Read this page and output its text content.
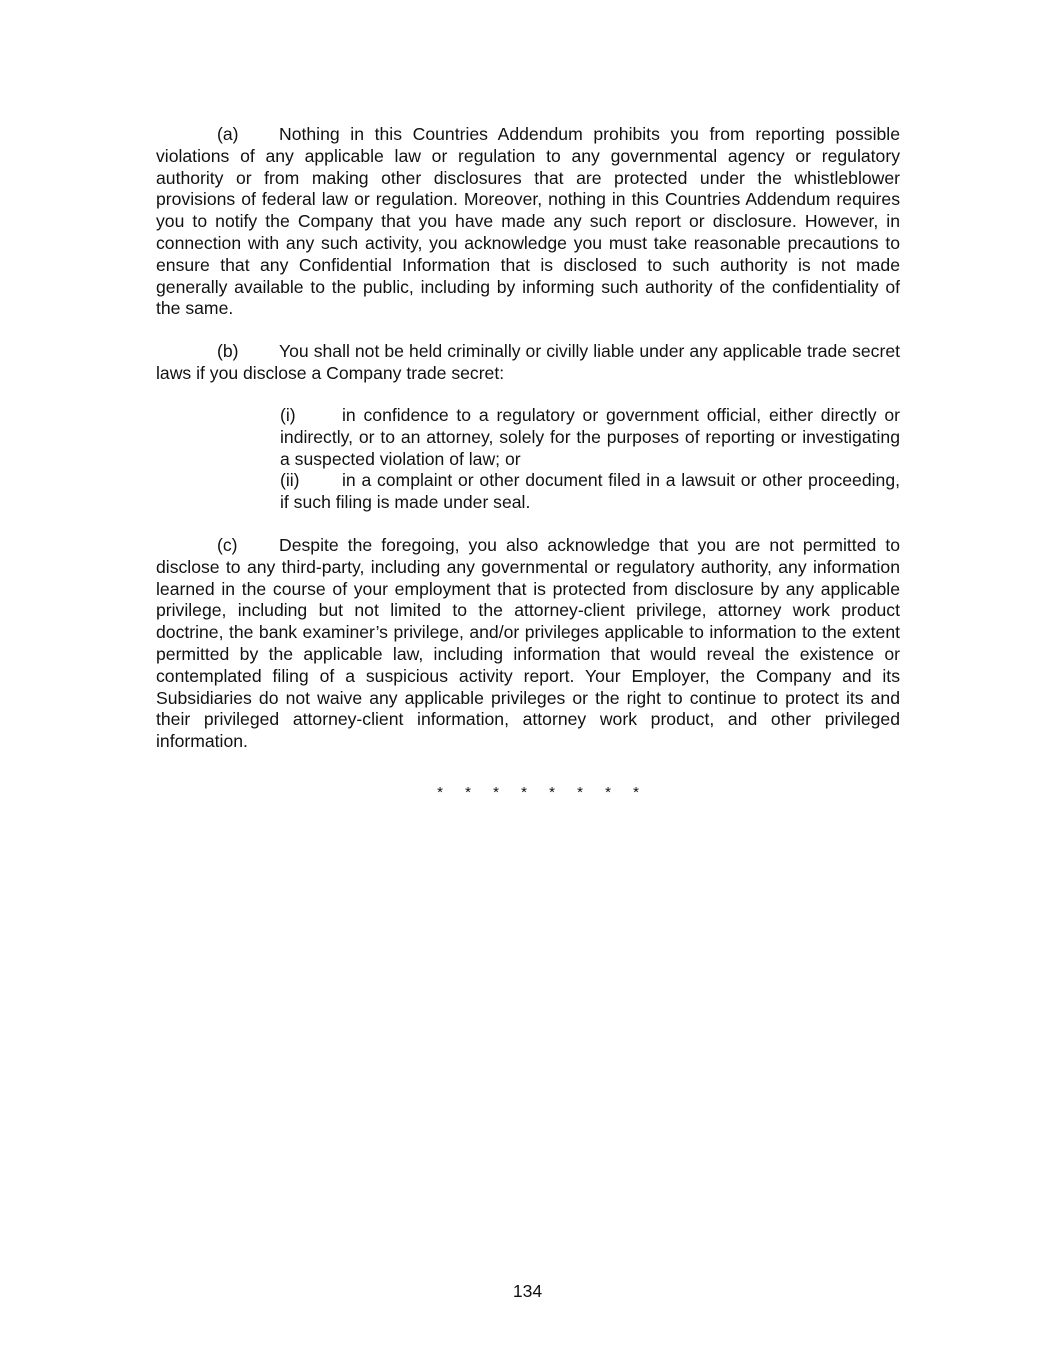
(a) Nothing in this Countries Addendum prohibits you from reporting possible violations of any applicable law or regulation to any governmental agency or regulatory authority or from making other disclosures that are protected under the whistleblower provisions of federal law or regulation. Moreover, nothing in this Countries Addendum requires you to notify the Company that you have made any such report or disclosure. However, in connection with any such activity, you acknowledge you must take reasonable precautions to ensure that any Confidential Information that is disclosed to such authority is not made generally available to the public, including by informing such authority of the confidentiality of the same.

(b) You shall not be held criminally or civilly liable under any applicable trade secret laws if you disclose a Company trade secret:

(i)	in confidence to a regulatory or government official, either directly or indirectly, or to an attorney, solely for the purposes of reporting or investigating a suspected violation of law; or

(ii) in a complaint or other document filed in a lawsuit or other proceeding, if such filing is made under seal.

(c) Despite the foregoing, you also acknowledge that you are not permitted to disclose to any third-party, including any governmental or regulatory authority, any information learned in the course of your employment that is protected from disclosure by any applicable privilege, including but not limited to the attorney-client privilege, attorney work product doctrine, the bank examiner’s privilege, and/or privileges applicable to information to the extent permitted by the applicable law, including information that would reveal the existence or contemplated filing of a suspicious activity report. Your Employer, the Company and its Subsidiaries do not waive any applicable privileges or the right to continue to protect its and their privileged attorney-client information, attorney work product, and other privileged information.

* * * * * * * *

134
